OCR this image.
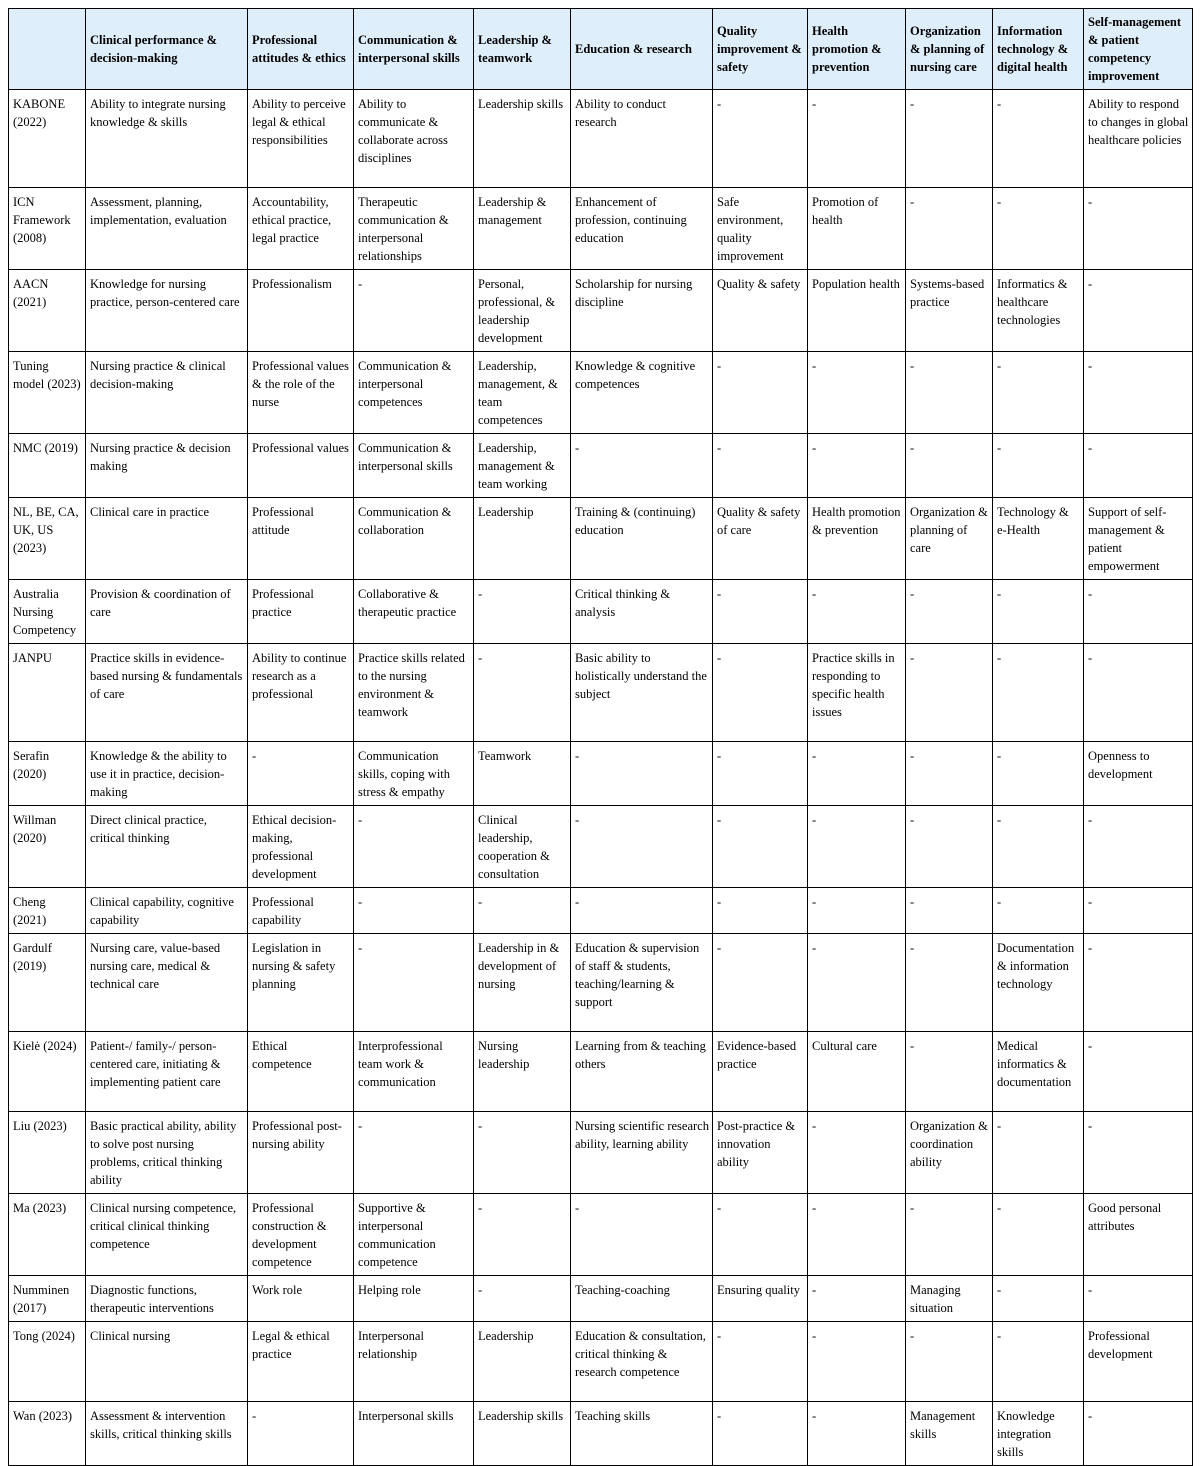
	Clinical performance & decision-making	Professional attitudes & ethics	Communication & interpersonal skills	Leadership & teamwork	Education & research	Quality improvement & safety	Health promotion & prevention	Organization & planning of nursing care	Information technology & digital health	Self-management & patient competency improvement
KABONE (2022)	Ability to integrate nursing knowledge & skills	Ability to perceive legal & ethical responsibilities	Ability to communicate & collaborate across disciplines	Leadership skills	Ability to conduct research	-	-	-	-	Ability to respond to changes in global healthcare policies
ICN Framework (2008)	Assessment, planning, implementation, evaluation	Accountability, ethical practice, legal practice	Therapeutic communication & interpersonal relationships	Leadership & management	Enhancement of profession, continuing education	Safe environment, quality improvement	Promotion of health	-	-	-
AACN (2021)	Knowledge for nursing practice, person-centered care	Professionalism	-	Personal, professional, & leadership development	Scholarship for nursing discipline	Quality & safety	Population health	Systems-based practice	Informatics & healthcare technologies	-
Tuning model (2023)	Nursing practice & clinical decision-making	Professional values & the role of the nurse	Communication & interpersonal competences	Leadership, management, & team competences	Knowledge & cognitive competences	-	-	-	-	-
NMC (2019)	Nursing practice & decision making	Professional values	Communication & interpersonal skills	Leadership, management & team working	-	-	-	-	-	-
NL, BE, CA, UK, US (2023)	Clinical care in practice	Professional attitude	Communication & collaboration	Leadership	Training & (continuing) education	Quality & safety of care	Health promotion & prevention	Organization & planning of care	Technology & e-Health	Support of self-management & patient empowerment
Australia Nursing Competency	Provision & coordination of care	Professional practice	Collaborative & therapeutic practice	-	Critical thinking & analysis	-	-	-	-	-
JANPU	Practice skills in evidence-based nursing & fundamentals of care	Ability to continue research as a professional	Practice skills related to the nursing environment & teamwork	-	Basic ability to holistically understand the subject	-	Practice skills in responding to specific health issues	-	-	-
Serafin (2020)	Knowledge & the ability to use it in practice, decision-making	-	Communication skills, coping with stress & empathy	Teamwork	-	-	-	-	-	Openness to development
Willman (2020)	Direct clinical practice, critical thinking	Ethical decision-making, professional development	-	Clinical leadership, cooperation & consultation	-	-	-	-	-	-
Cheng (2021)	Clinical capability, cognitive capability	Professional capability	-	-	-	-	-	-	-	-
Gardulf (2019)	Nursing care, value-based nursing care, medical & technical care	Legislation in nursing & safety planning	-	Leadership in & development of nursing	Education & supervision of staff & students, teaching/learning & support	-	-	-	Documentation & information technology	-
Kielė (2024)	Patient-/ family-/ person-centered care, initiating & implementing patient care	Ethical competence	Interprofessional team work & communication	Nursing leadership	Learning from & teaching others	Evidence-based practice	Cultural care	-	Medical informatics & documentation	-
Liu (2023)	Basic practical ability, ability to solve post nursing problems, critical thinking ability	Professional post-nursing ability	-	-	Nursing scientific research ability, learning ability	Post-practice & innovation ability	-	Organization & coordination ability	-	-
Ma (2023)	Clinical nursing competence, critical clinical thinking competence	Professional construction & development competence	Supportive & interpersonal communication competence	-	-	-	-	-	-	Good personal attributes
Numminen (2017)	Diagnostic functions, therapeutic interventions	Work role	Helping role	-	Teaching-coaching	Ensuring quality	-	Managing situation	-	-
Tong (2024)	Clinical nursing	Legal & ethical practice	Interpersonal relationship	Leadership	Education & consultation, critical thinking & research competence	-	-	-	-	Professional development
Wan (2023)	Assessment & intervention skills, critical thinking skills	-	Interpersonal skills	Leadership skills	Teaching skills	-	-	Management skills	Knowledge integration skills	-
